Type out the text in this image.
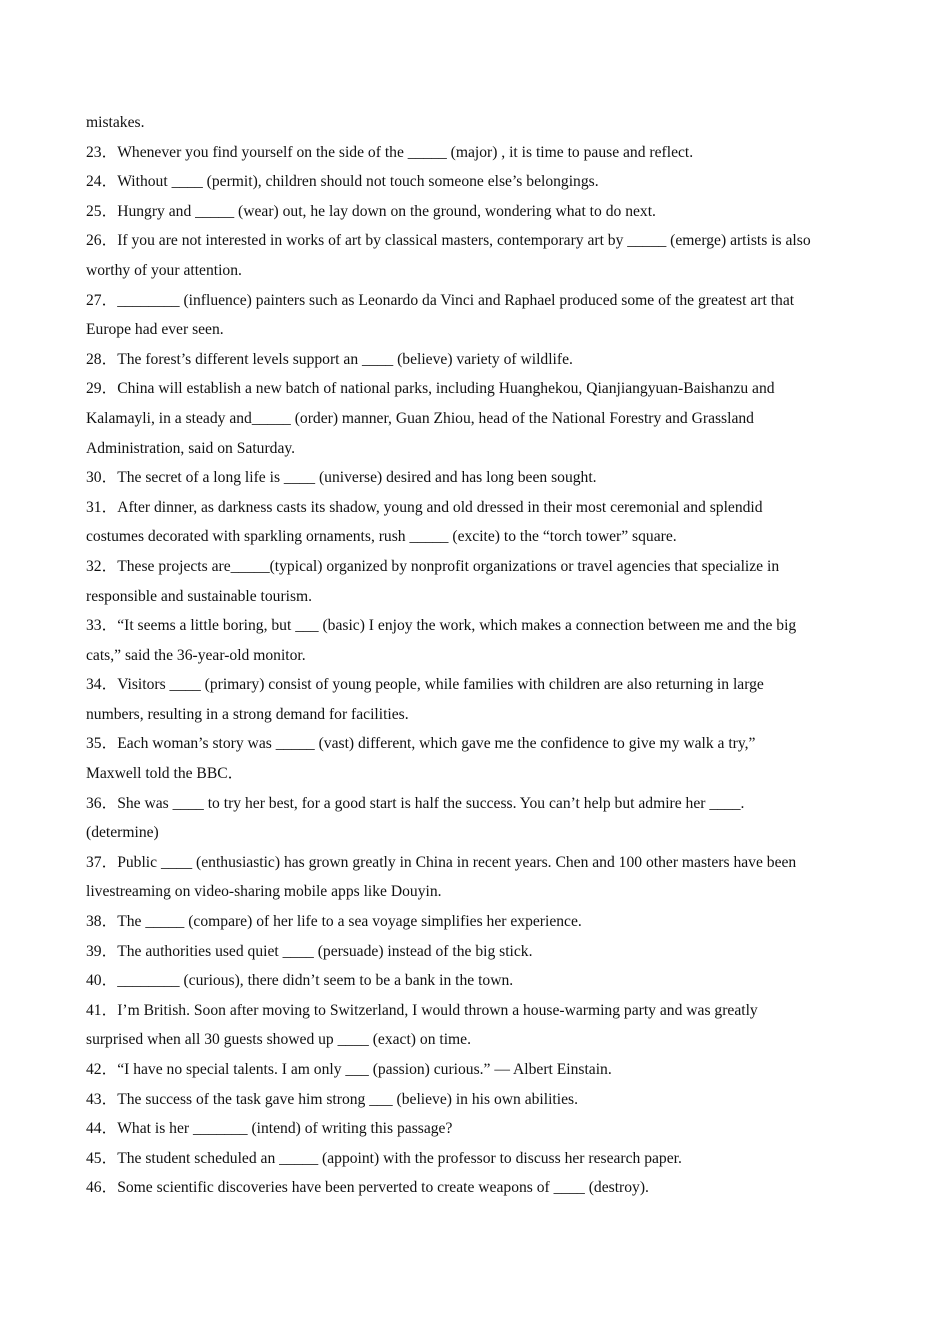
mistakes.
23．Whenever you find yourself on the side of the _____ (major) , it is time to pause and reflect.
24．Without ____ (permit), children should not touch someone else’s belongings.
25．Hungry and _____ (wear) out, he lay down on the ground, wondering what to do next.
26．If you are not interested in works of art by classical masters, contemporary art by _____ (emerge) artists is also
worthy of your attention.
27．________ (influence) painters such as Leonardo da Vinci and Raphael produced some of the greatest art that
Europe had ever seen.
28．The forest’s different levels support an ____ (believe) variety of wildlife.
29．China will establish a new batch of national parks, including Huanghekou, Qianjiangyuan-Baishanzu and
Kalamayli, in a steady and_____ (order) manner, Guan Zhiou, head of the National Forestry and Grassland
Administration, said on Saturday.
30．The secret of a long life is ____ (universe) desired and has long been sought.
31．After dinner, as darkness casts its shadow, young and old dressed in their most ceremonial and splendid
costumes decorated with sparkling ornaments, rush _____ (excite) to the “torch tower” square.
32．These projects are_____(typical) organized by nonprofit organizations or travel agencies that specialize in
responsible and sustainable tourism.
33．“It seems a little boring, but ___ (basic) I enjoy the work, which makes a connection between me and the big
cats,” said the 36-year-old monitor.
34．Visitors ____ (primary) consist of young people, while families with children are also returning in large
numbers, resulting in a strong demand for facilities.
35．Each woman’s story was _____ (vast) different, which gave me the confidence to give my walk a try,”
Maxwell told the BBC．
36．She was ____ to try her best, for a good start is half the success. You can’t help but admire her ____.
(determine)
37．Public ____ (enthusiastic) has grown greatly in China in recent years. Chen and 100 other masters have been
livestreaming on video-sharing mobile apps like Douyin.
38．The _____ (compare) of her life to a sea voyage simplifies her experience.
39．The authorities used quiet ____ (persuade) instead of the big stick.
40．________ (curious), there didn’t seem to be a bank in the town.
41．I’m British. Soon after moving to Switzerland, I would thrown a house-warming party and was greatly
surprised when all 30 guests showed up ____ (exact) on time.
42．“I have no special talents. I am only ___ (passion) curious.” — Albert Einstain.
43．The success of the task gave him strong ___ (believe) in his own abilities.
44．What is her _______ (intend) of writing this passage?
45．The student scheduled an _____ (appoint) with the professor to discuss her research paper.
46．Some scientific discoveries have been perverted to create weapons of ____ (destroy).
